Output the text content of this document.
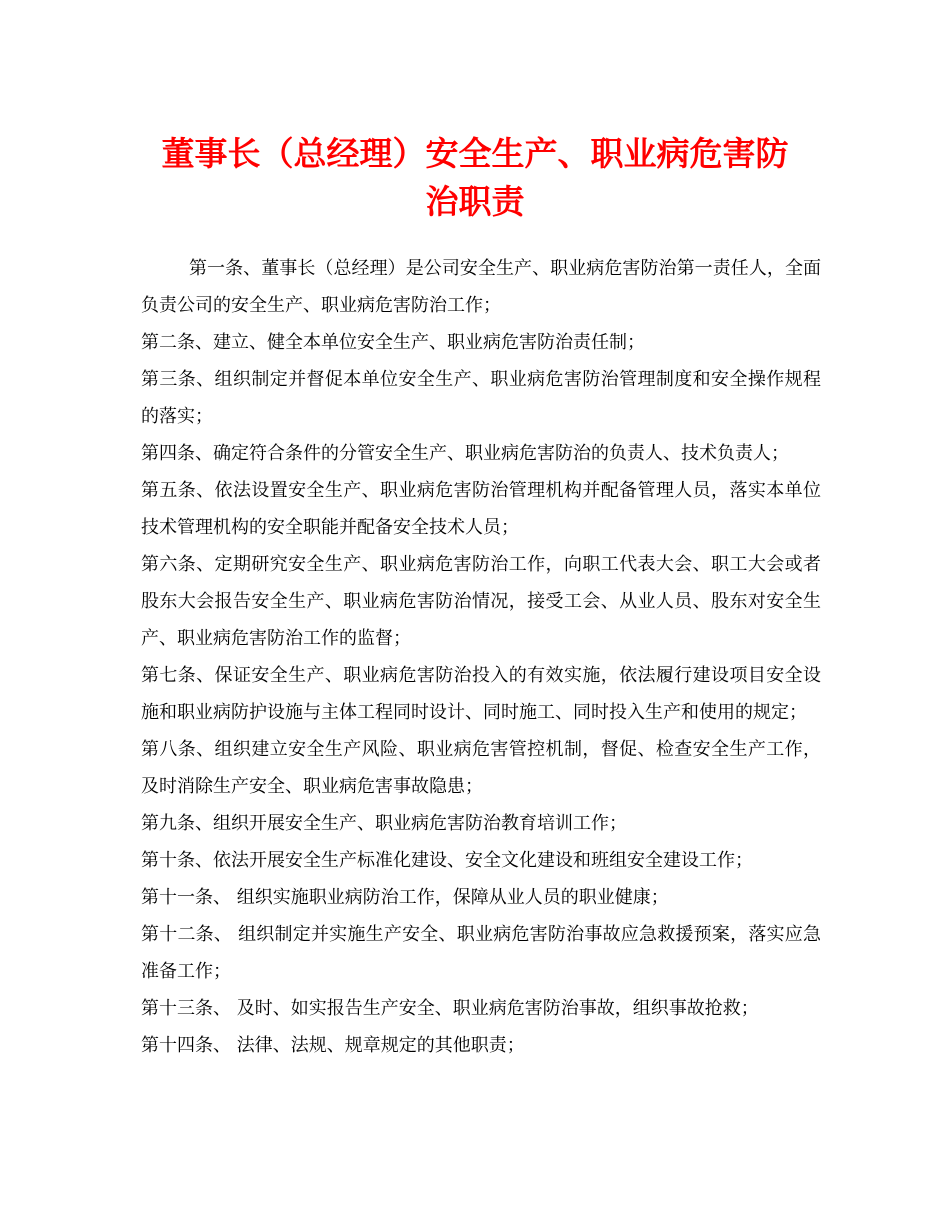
董事长（总经理）安全生产、职业病危害防
治职责

第一条、董事长（总经理）是公司安全生产、职业病危害防治第一责任人，全面负责公司的安全生产、职业病危害防治工作；

第二条、建立、健全本单位安全生产、职业病危害防治责任制；

第三条、组织制定并督促本单位安全生产、职业病危害防治管理制度和安全操作规程的落实；

第四条、确定符合条件的分管安全生产、职业病危害防治的负责人、技术负责人；

第五条、依法设置安全生产、职业病危害防治管理机构并配备管理人员，落实本单位技术管理机构的安全职能并配备安全技术人员；

第六条、定期研究安全生产、职业病危害防治工作，向职工代表大会、职工大会或者股东大会报告安全生产、职业病危害防治情况，接受工会、从业人员、股东对安全生产、职业病危害防治工作的监督；

第七条、保证安全生产、职业病危害防治投入的有效实施，依法履行建设项目安全设施和职业病防护设施与主体工程同时设计、同时施工、同时投入生产和使用的规定；

第八条、组织建立安全生产风险、职业病危害管控机制，督促、检查安全生产工作，及时消除生产安全、职业病危害事故隐患；

第九条、组织开展安全生产、职业病危害防治教育培训工作；

第十条、依法开展安全生产标准化建设、安全文化建设和班组安全建设工作；

第十一条、 组织实施职业病防治工作，保障从业人员的职业健康；

第十二条、 组织制定并实施生产安全、职业病危害防治事故应急救援预案，落实应急准备工作；

第十三条、 及时、如实报告生产安全、职业病危害防治事故，组织事故抢救；

第十四条、 法律、法规、规章规定的其他职责；
